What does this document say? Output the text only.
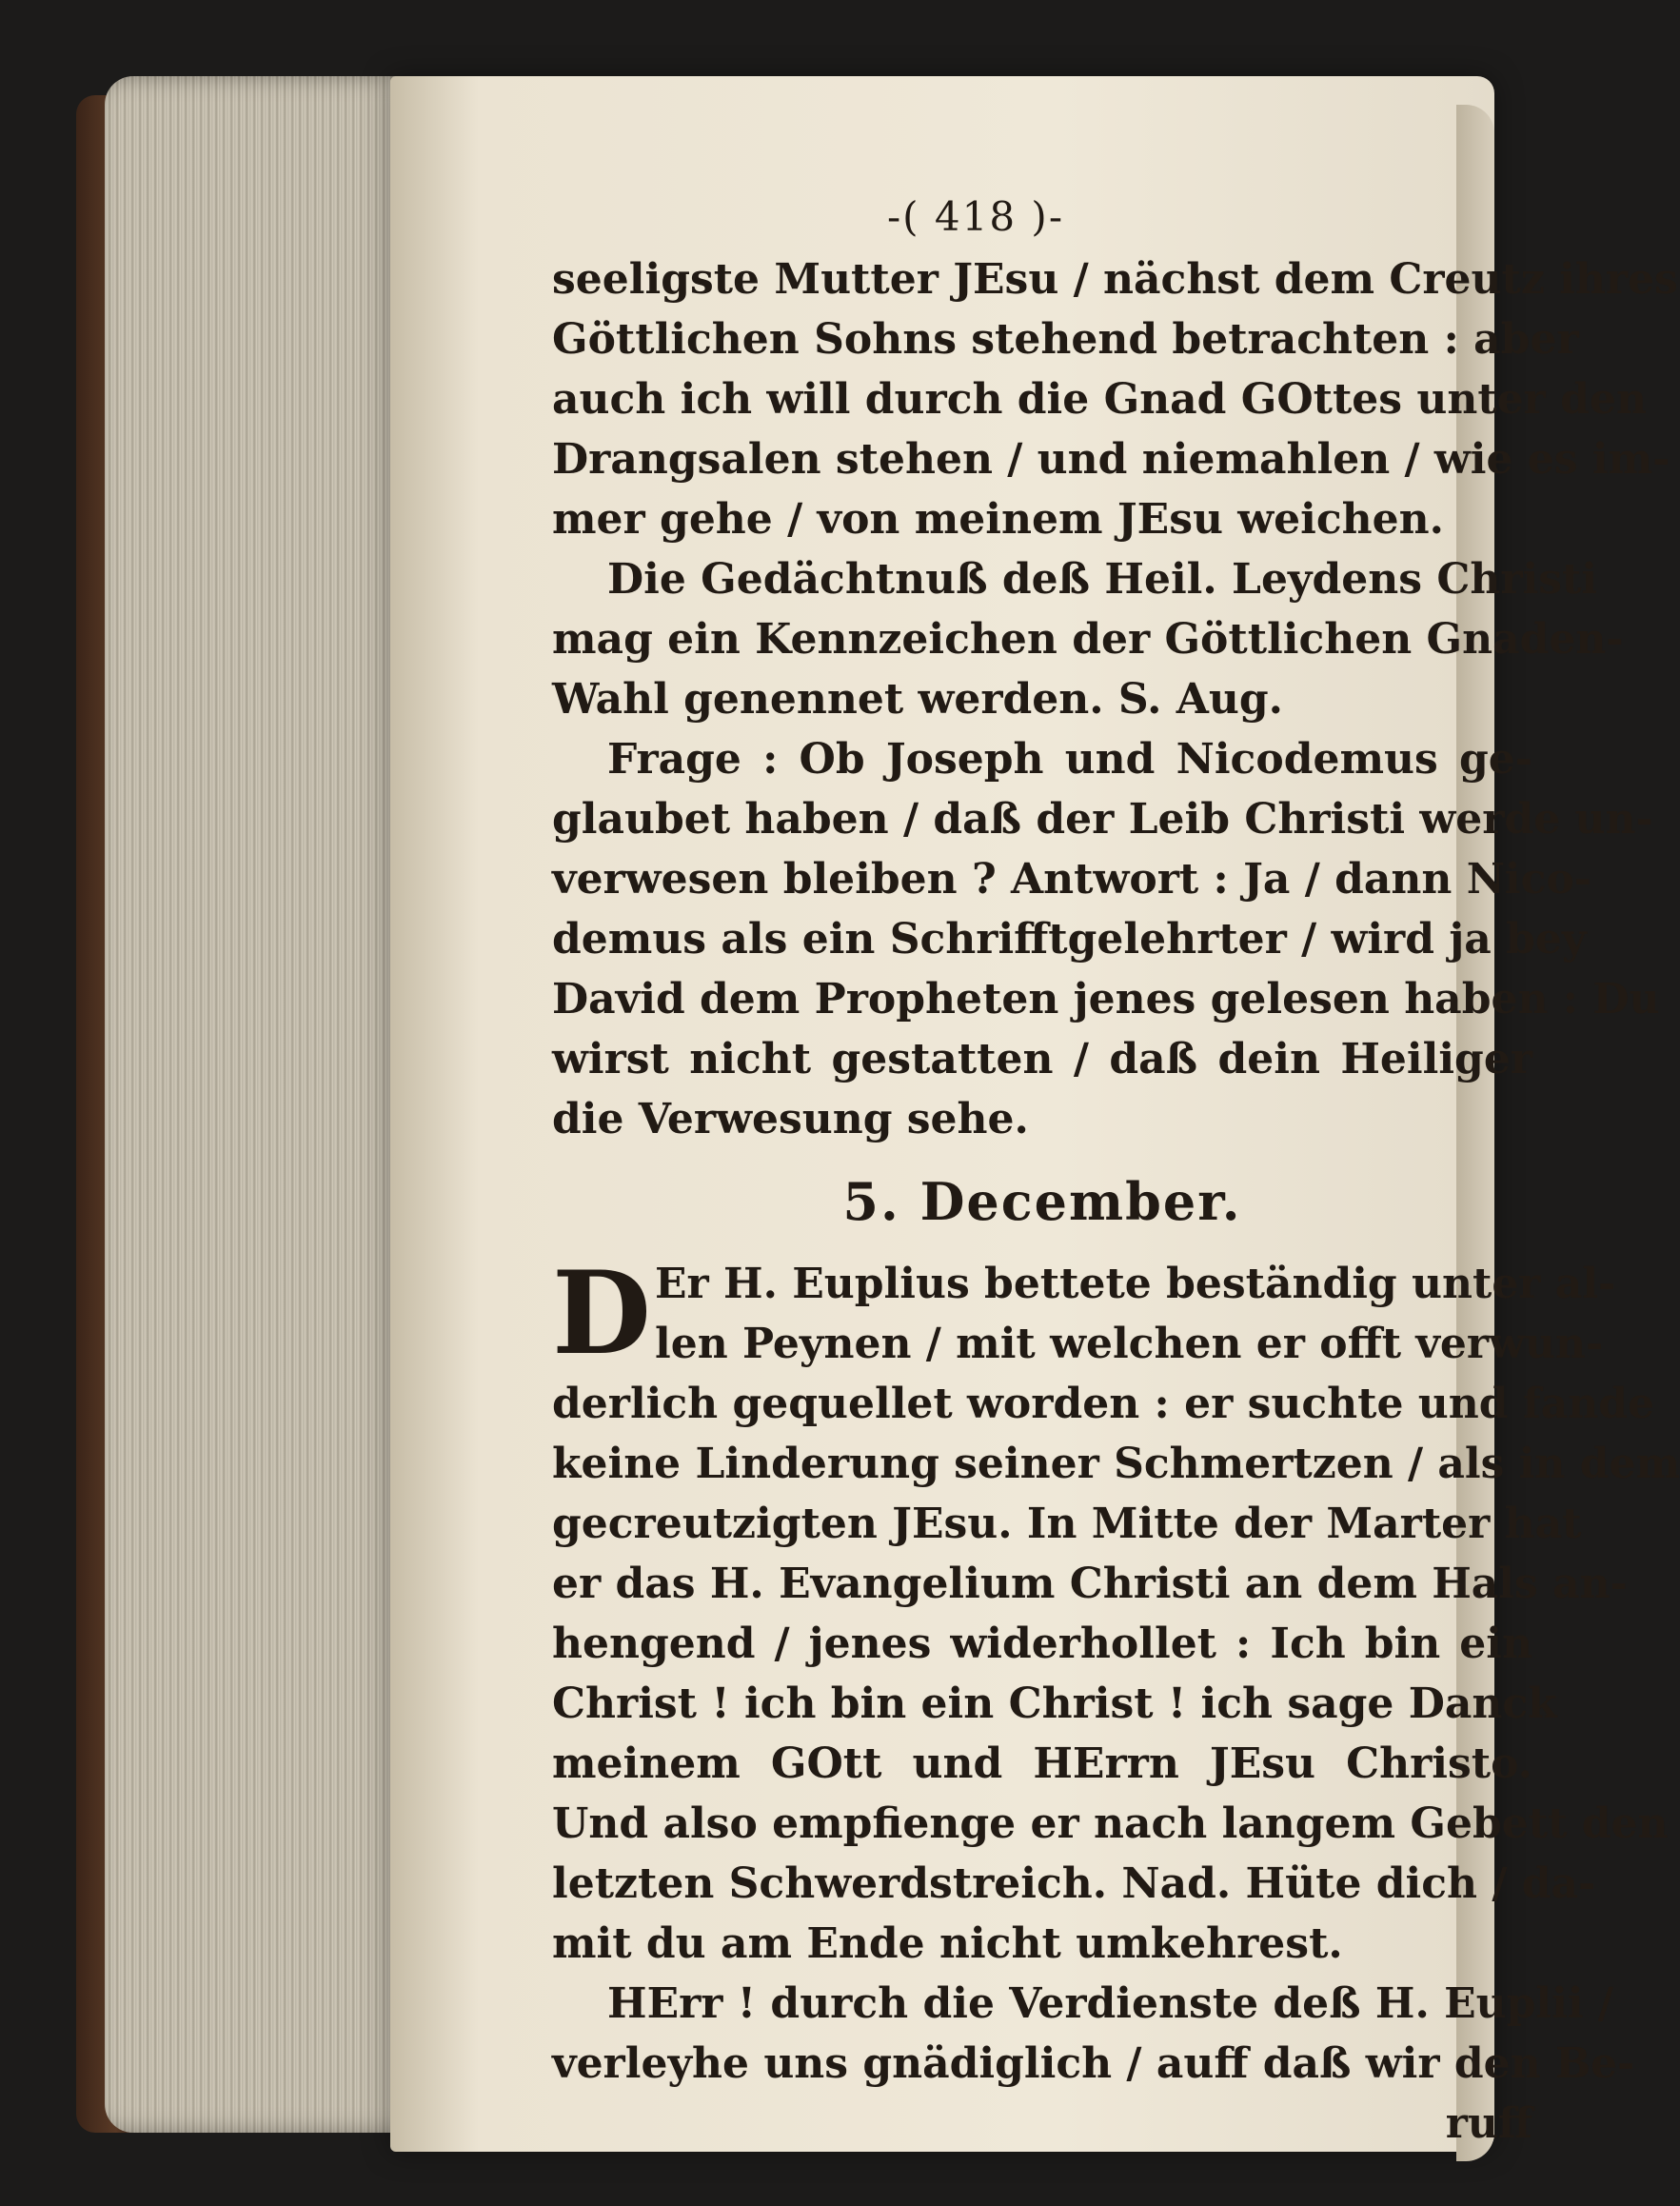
-( 418 )-
seeligste Mutter JEsu / nächst dem Creutz ihres
Göttlichen Sohns stehend betrachten : aber
auch ich will durch die Gnad GOttes unter den
Drangsalen stehen / und niemahlen / wie es im-
mer gehe / von meinem JEsu weichen.
Die Gedächtnuß deß Heil. Leydens Christi
mag ein Kennzeichen der Göttlichen Gnaden-
Wahl genennet werden. S. Aug.
Frage : Ob Joseph und Nicodemus ge-
glaubet haben / daß der Leib Christi werde un-
verwesen bleiben ? Antwort : Ja / dann Nico-
demus als ein Schrifftgelehrter / wird ja bey
David dem Propheten jenes gelesen haben : Du
wirst nicht gestatten / daß dein Heiliger
die Verwesung sehe.
5. December.
D Er H. Euplius bettete beständig unter al-
len Peynen / mit welchen er offt verwun-
derlich gequellet worden : er suchte und fande
keine Linderung seiner Schmertzen / als in dem
gecreutzigten JEsu. In Mitte der Marter hat
er das H. Evangelium Christi an dem Hals an-
hengend / jenes widerhollet : Ich bin ein
Christ ! ich bin ein Christ ! ich sage Danck
meinem GOtt und HErrn JEsu Christo.
Und also empfienge er nach langem Gebett den
letzten Schwerdstreich. Nad. Hüte dich / da-
mit du am Ende nicht umkehrest.
HErr ! durch die Verdienste deß H. Euplii /
verleyhe uns gnädiglich / auff daß wir den Be-
ruff
